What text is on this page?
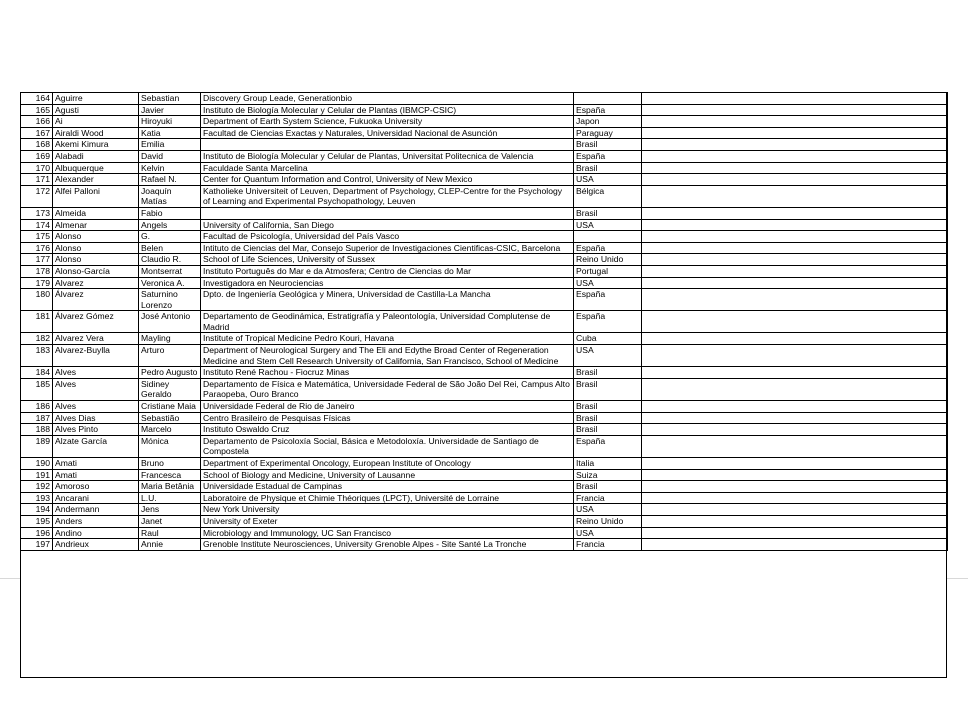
164	Aguirre	Sebastian	Discovery Group Leade, Generationbio		
165	Agusti	Javier	Instituto de Biología Molecular y Celular de Plantas (IBMCP-CSIC)	España	
166	Ai	Hiroyuki	Department of Earth System Science, Fukuoka University	Japon	
167	Airaldi Wood	Katia	Facultad de Ciencias Exactas y Naturales, Universidad Nacional de Asunción	Paraguay	
168	Akemi Kimura	Emilia		Brasil	
169	Alabadi	David	Instituto de Biología Molecular y Celular de Plantas, Universitat Politecnica de Valencia	España	
170	Albuquerque	Kelvin	Faculdade Santa Marcelina	Brasil	
171	Alexander	Rafael N.	Center for Quantum Information and Control, University of New Mexico	USA	
172	Alfei Palloni	Joaquín Matías	Katholieke Universiteit of Leuven, Department of Psychology, CLEP-Centre for the Psychology of Learning and Experimental Psychopathology, Leuven	Bélgica	
173	Almeida	Fabio		Brasil	
174	Almenar	Angels	University of California, San Diego	USA	
175	Alonso	G.	Facultad de Psicología, Universidad del País Vasco		
176	Alonso	Belen	Intituto de Ciencias del Mar, Consejo Superior de Investigaciones Cientificas-CSIC, Barcelona	España	
177	Alonso	Claudio R.	School of Life Sciences, University of Sussex	Reino Unido	
178	Alonso-García	Montserrat	Instituto Português do Mar e da Atmosfera; Centro de Ciencias do Mar	Portugal	
179	Alvarez	Veronica A.	Investigadora en Neurociencias	USA	
180	Álvarez	Saturnino Lorenzo	Dpto. de Ingeniería Geológica y Minera, Universidad de Castilla-La Mancha	España	
181	Álvarez Gómez	José Antonio	Departamento de Geodinámica, Estratigrafía y Paleontología, Universidad Complutense de Madrid	España	
182	Alvarez Vera	Mayling	Institute of Tropical Medicine Pedro Kouri, Havana	Cuba	
183	Alvarez-Buylla	Arturo	Department of Neurological Surgery and The Eli and Edythe Broad Center of Regeneration Medicine and Stem Cell Research University of California, San Francisco, School of Medicine	USA	
184	Alves	Pedro Augusto	Instituto René Rachou - Fiocruz Minas	Brasil	
185	Alves	Sidiney Geraldo	Departamento de Física e Matemática, Universidade Federal de São João Del Rei, Campus Alto Paraopeba, Ouro Branco	Brasil	
186	Alves	Cristiane Maia	Universidade Federal de Rio de Janeiro	Brasil	
187	Alves Dias	Sebastião	Centro Brasileiro de Pesquisas Físicas	Brasil	
188	Alves Pinto	Marcelo	Instituto Oswaldo Cruz	Brasil	
189	Alzate García	Mónica	Departamento de Psicoloxía Social, Básica e Metodoloxía. Universidade de Santiago de Compostela	España	
190	Amati	Bruno	Department of Experimental Oncology, European Institute of Oncology	Italia	
191	Amati	Francesca	School of Biology and Medicine, University of Lausanne	Suiza	
192	Amoroso	Maria Betânia	Universidade Estadual de Campinas	Brasil	
193	Ancarani	L.U.	Laboratoire de Physique et Chimie Théoriques (LPCT), Université de Lorraine	Francia	
194	Andermann	Jens	New York University	USA	
195	Anders	Janet	University of Exeter	Reino Unido	
196	Andino	Raul	Microbiology and Immunology, UC San Francisco	USA	
197	Andrieux	Annie	Grenoble Institute Neurosciences, University Grenoble Alpes - Site Santé La Tronche	Francia	
